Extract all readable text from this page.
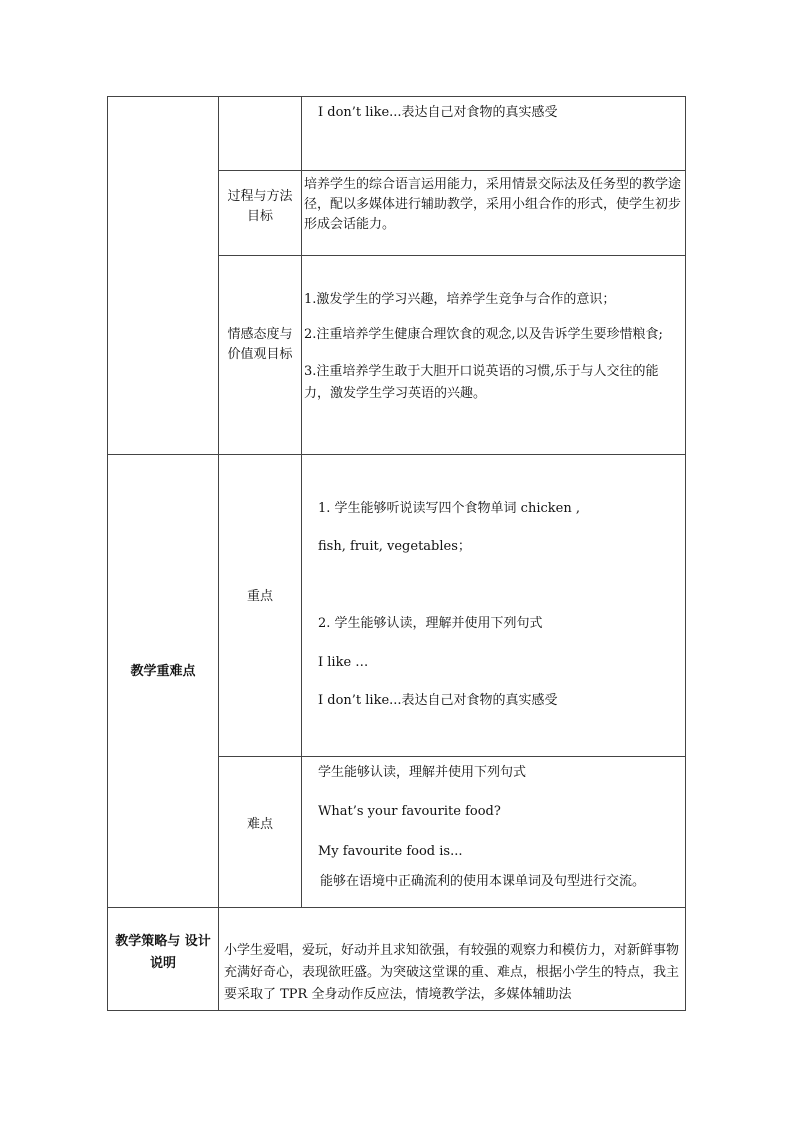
I don’t like...表达自己对食物的真实感受
过程与方法目标
培养学生的综合语言运用能力，采用情景交际法及任务型的教学途径，配以多媒体进行辅助教学，采用小组合作的形式，使学生初步形成会话能力。
情感态度与价值观目标
1.激发学生的学习兴趣，培养学生竞争与合作的意识；
2.注重培养学生健康合理饮食的观念,以及告诉学生要珍惜粮食;
3.注重培养学生敢于大胆开口说英语的习惯,乐于与人交往的能力，激发学生学习英语的兴趣。
教学重难点
重点
1. 学生能够听说读写四个食物单词 chicken ,
fish, fruit, vegetables；
2. 学生能够认读，理解并使用下列句式
I like …
I don’t like...表达自己对食物的真实感受
难点
学生能够认读，理解并使用下列句式
What’s your favourite food?
My favourite food is...
能够在语境中正确流利的使用本课单词及句型进行交流。
教学策略与 设计说明
小学生爱唱，爱玩，好动并且求知欲强，有较强的观察力和模仿力，对新鲜事物充满好奇心，表现欲旺盛。为突破这堂课的重、难点，根据小学生的特点，我主要采取了 TPR 全身动作反应法，情境教学法，多媒体辅助法
